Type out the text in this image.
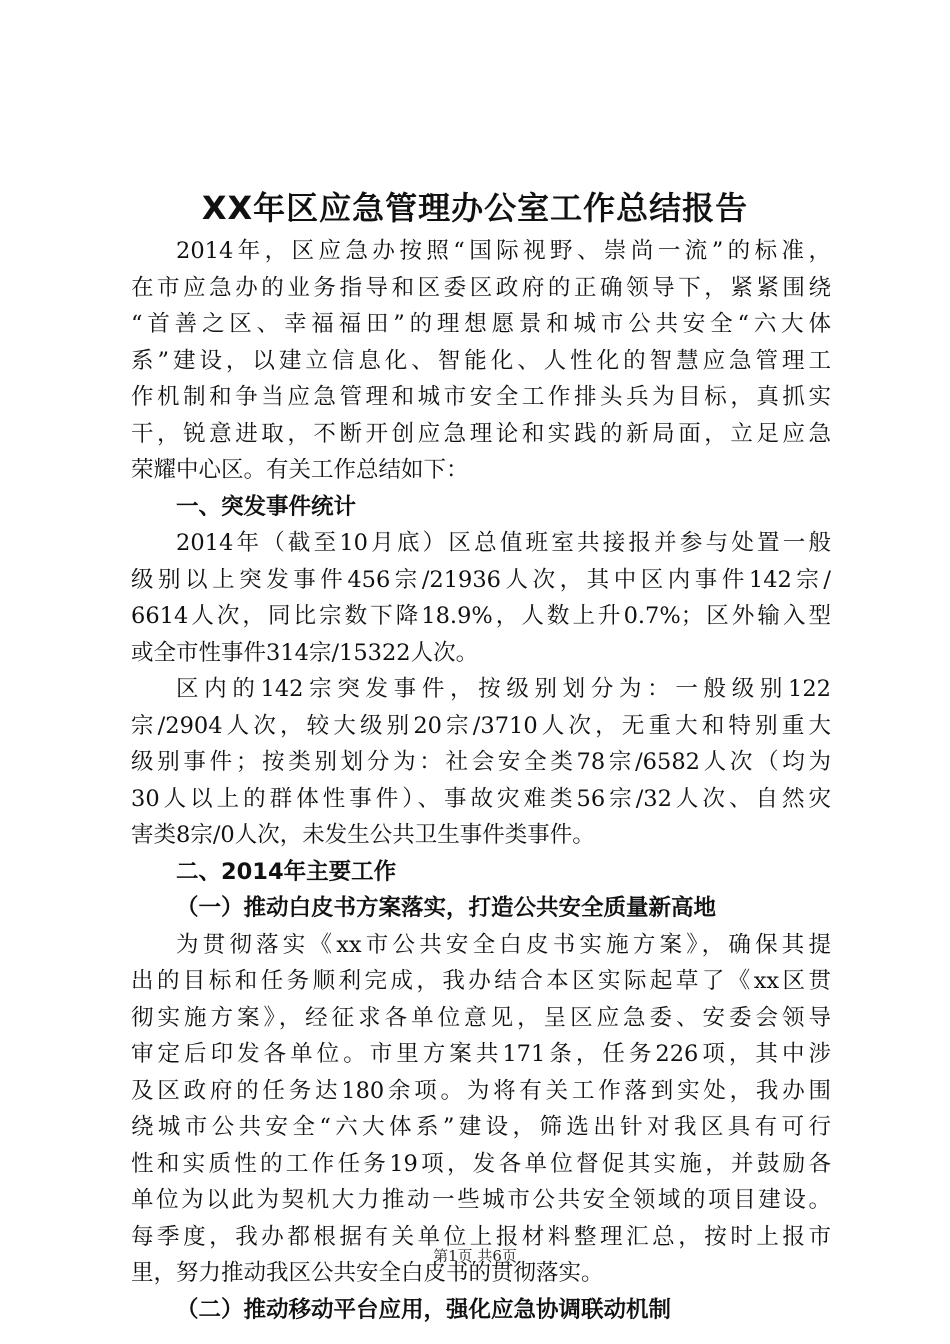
XX年区应急管理办公室工作总结报告
2014年，区应急办按照“国际视野、崇尚一流”的标准，
在市应急办的业务指导和区委区政府的正确领导下，紧紧围绕
“首善之区、幸福福田”的理想愿景和城市公共安全“六大体
系”建设，以建立信息化、智能化、人性化的智慧应急管理工
作机制和争当应急管理和城市安全工作排头兵为目标，真抓实
干，锐意进取，不断开创应急理论和实践的新局面，立足应急
荣耀中心区。有关工作总结如下：
一、突发事件统计
2014年（截至10月底）区总值班室共接报并参与处置一般
级别以上突发事件456宗/21936人次，其中区内事件142宗/
6614人次，同比宗数下降18.9%，人数上升0.7%；区外输入型
或全市性事件314宗/15322人次。
区内的142宗突发事件，按级别划分为：一般级别122
宗/2904人次，较大级别20宗/3710人次，无重大和特别重大
级别事件；按类别划分为：社会安全类78宗/6582人次（均为
30人以上的群体性事件）、事故灾难类56宗/32人次、自然灾
害类8宗/0人次，未发生公共卫生事件类事件。
二、2014年主要工作
（一）推动白皮书方案落实，打造公共安全质量新高地
为贯彻落实《xx市公共安全白皮书实施方案》，确保其提
出的目标和任务顺利完成，我办结合本区实际起草了《xx区贯
彻实施方案》，经征求各单位意见，呈区应急委、安委会领导
审定后印发各单位。市里方案共171条，任务226项，其中涉
及区政府的任务达180余项。为将有关工作落到实处，我办围
绕城市公共安全“六大体系”建设，筛选出针对我区具有可行
性和实质性的工作任务19项，发各单位督促其实施，并鼓励各
单位为以此为契机大力推动一些城市公共安全领域的项目建设。
每季度，我办都根据有关单位上报材料整理汇总，按时上报市
里，努力推动我区公共安全白皮书的贯彻落实。
（二）推动移动平台应用，强化应急协调联动机制
第1页 共6页
